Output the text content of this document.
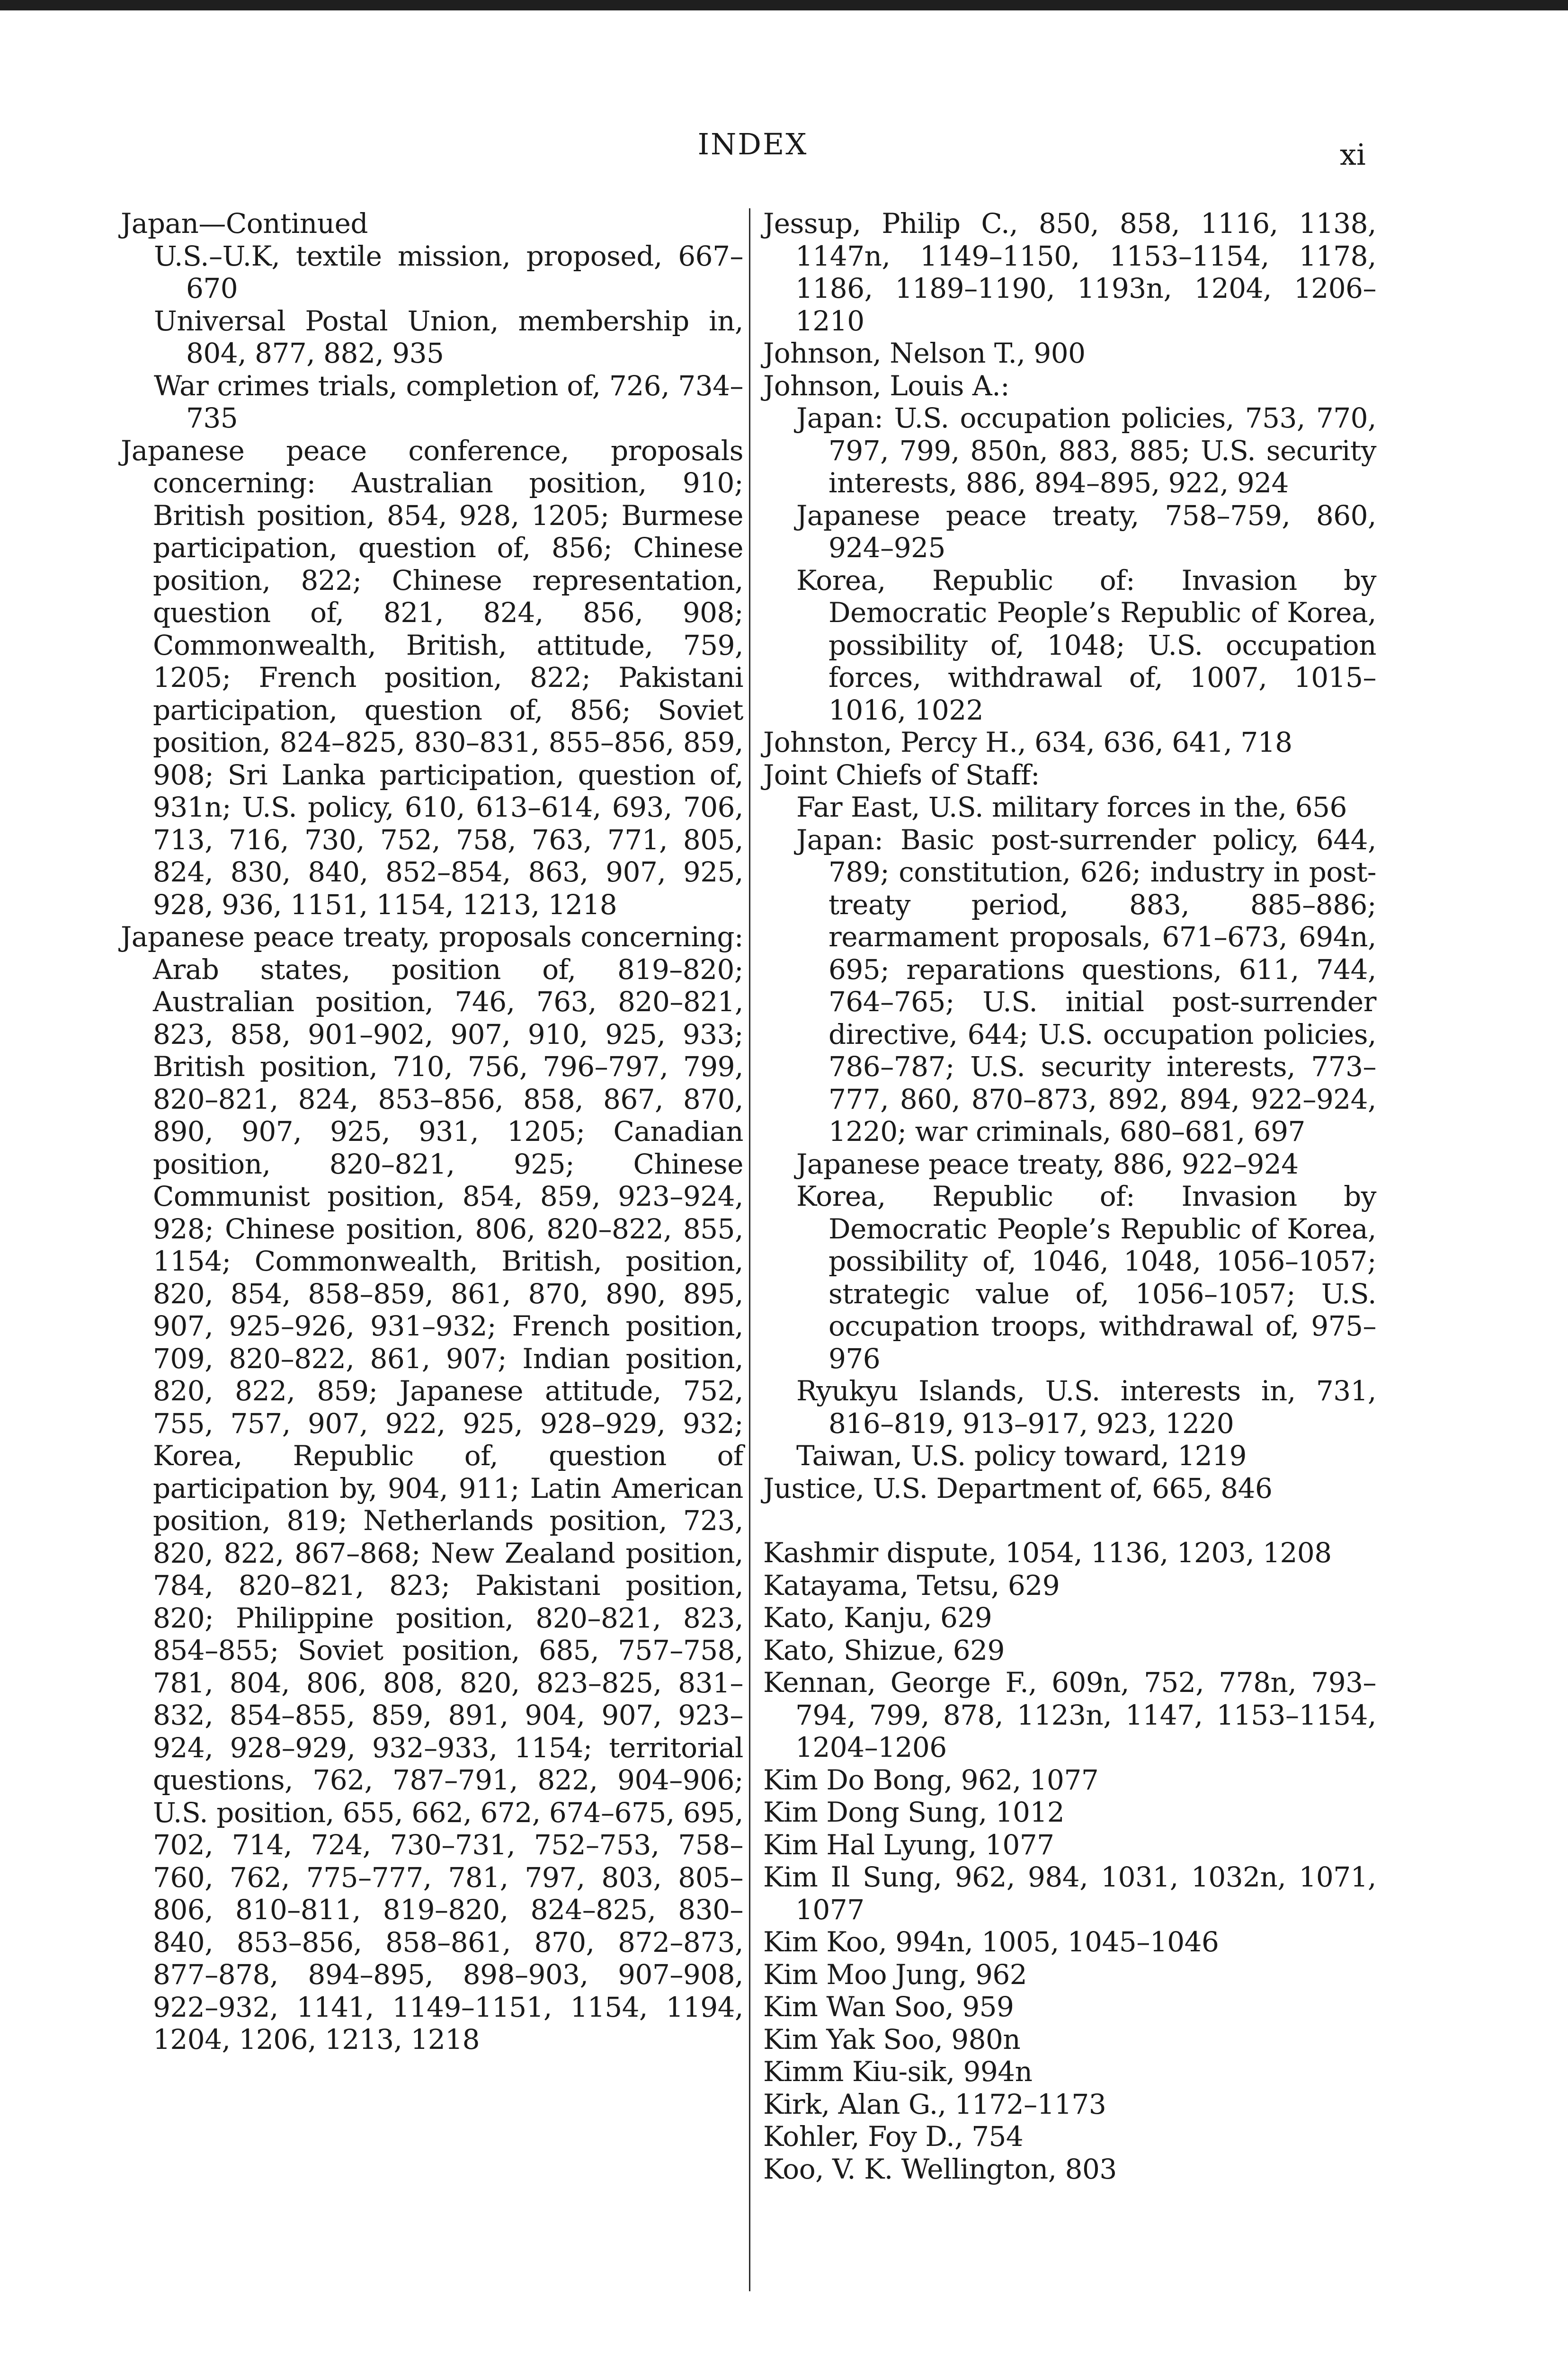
INDEX	xi
Japan—Continued
U.S.–U.K, textile mission, proposed, 667–670
Universal Postal Union, membership in, 804, 877, 882, 935
War crimes trials, completion of, 726, 734–735
Japanese peace conference, proposals concerning: Australian position, 910; British position, 854, 928, 1205; Burmese participation, question of, 856; Chinese position, 822; Chinese representation, question of, 821, 824, 856, 908; Commonwealth, British, attitude, 759, 1205; French position, 822; Pakistani participation, question of, 856; Soviet position, 824–825, 830–831, 855–856, 859, 908; Sri Lanka participation, question of, 931n; U.S. policy, 610, 613–614, 693, 706, 713, 716, 730, 752, 758, 763, 771, 805, 824, 830, 840, 852–854, 863, 907, 925, 928, 936, 1151, 1154, 1213, 1218
Japanese peace treaty, proposals concerning: Arab states, position of, 819–820; Australian position, 746, 763, 820–821, 823, 858, 901–902, 907, 910, 925, 933; British position, 710, 756, 796–797, 799, 820–821, 824, 853–856, 858, 867, 870, 890, 907, 925, 931, 1205; Canadian position, 820–821, 925; Chinese Communist position, 854, 859, 923–924, 928; Chinese position, 806, 820–822, 855, 1154; Commonwealth, British, position, 820, 854, 858–859, 861, 870, 890, 895, 907, 925–926, 931–932; French position, 709, 820–822, 861, 907; Indian position, 820, 822, 859; Japanese attitude, 752, 755, 757, 907, 922, 925, 928–929, 932; Korea, Republic of, question of participation by, 904, 911; Latin American position, 819; Netherlands position, 723, 820, 822, 867–868; New Zealand position, 784, 820–821, 823; Pakistani position, 820; Philippine position, 820–821, 823, 854–855; Soviet position, 685, 757–758, 781, 804, 806, 808, 820, 823–825, 831–832, 854–855, 859, 891, 904, 907, 923–924, 928–929, 932–933, 1154; territorial questions, 762, 787–791, 822, 904–906; U.S. position, 655, 662, 672, 674–675, 695, 702, 714, 724, 730–731, 752–753, 758–760, 762, 775–777, 781, 797, 803, 805–806, 810–811, 819–820, 824–825, 830–840, 853–856, 858–861, 870, 872–873, 877–878, 894–895, 898–903, 907–908, 922–932, 1141, 1149–1151, 1154, 1194, 1204, 1206, 1213, 1218
Jessup, Philip C., 850, 858, 1116, 1138, 1147n, 1149–1150, 1153–1154, 1178, 1186, 1189–1190, 1193n, 1204, 1206–1210
Johnson, Nelson T., 900
Johnson, Louis A.:
Japan: U.S. occupation policies, 753, 770, 797, 799, 850n, 883, 885; U.S. security interests, 886, 894–895, 922, 924
Japanese peace treaty, 758–759, 860, 924–925
Korea, Republic of: Invasion by Democratic People’s Republic of Korea, possibility of, 1048; U.S. occupation forces, withdrawal of, 1007, 1015–1016, 1022
Johnston, Percy H., 634, 636, 641, 718
Joint Chiefs of Staff:
Far East, U.S. military forces in the, 656
Japan: Basic post-surrender policy, 644, 789; constitution, 626; industry in post-treaty period, 883, 885–886; rearmament proposals, 671–673, 694n, 695; reparations questions, 611, 744, 764–765; U.S. initial post-surrender directive, 644; U.S. occupation policies, 786–787; U.S. security interests, 773–777, 860, 870–873, 892, 894, 922–924, 1220; war criminals, 680–681, 697
Japanese peace treaty, 886, 922–924
Korea, Republic of: Invasion by Democratic People’s Republic of Korea, possibility of, 1046, 1048, 1056–1057; strategic value of, 1056–1057; U.S. occupation troops, withdrawal of, 975–976
Ryukyu Islands, U.S. interests in, 731, 816–819, 913–917, 923, 1220
Taiwan, U.S. policy toward, 1219
Justice, U.S. Department of, 665, 846
Kashmir dispute, 1054, 1136, 1203, 1208
Katayama, Tetsu, 629
Kato, Kanju, 629
Kato, Shizue, 629
Kennan, George F., 609n, 752, 778n, 793–794, 799, 878, 1123n, 1147, 1153–1154, 1204–1206
Kim Do Bong, 962, 1077
Kim Dong Sung, 1012
Kim Hal Lyung, 1077
Kim Il Sung, 962, 984, 1031, 1032n, 1071, 1077
Kim Koo, 994n, 1005, 1045–1046
Kim Moo Jung, 962
Kim Wan Soo, 959
Kim Yak Soo, 980n
Kimm Kiu-sik, 994n
Kirk, Alan G., 1172–1173
Kohler, Foy D., 754
Koo, V. K. Wellington, 803
